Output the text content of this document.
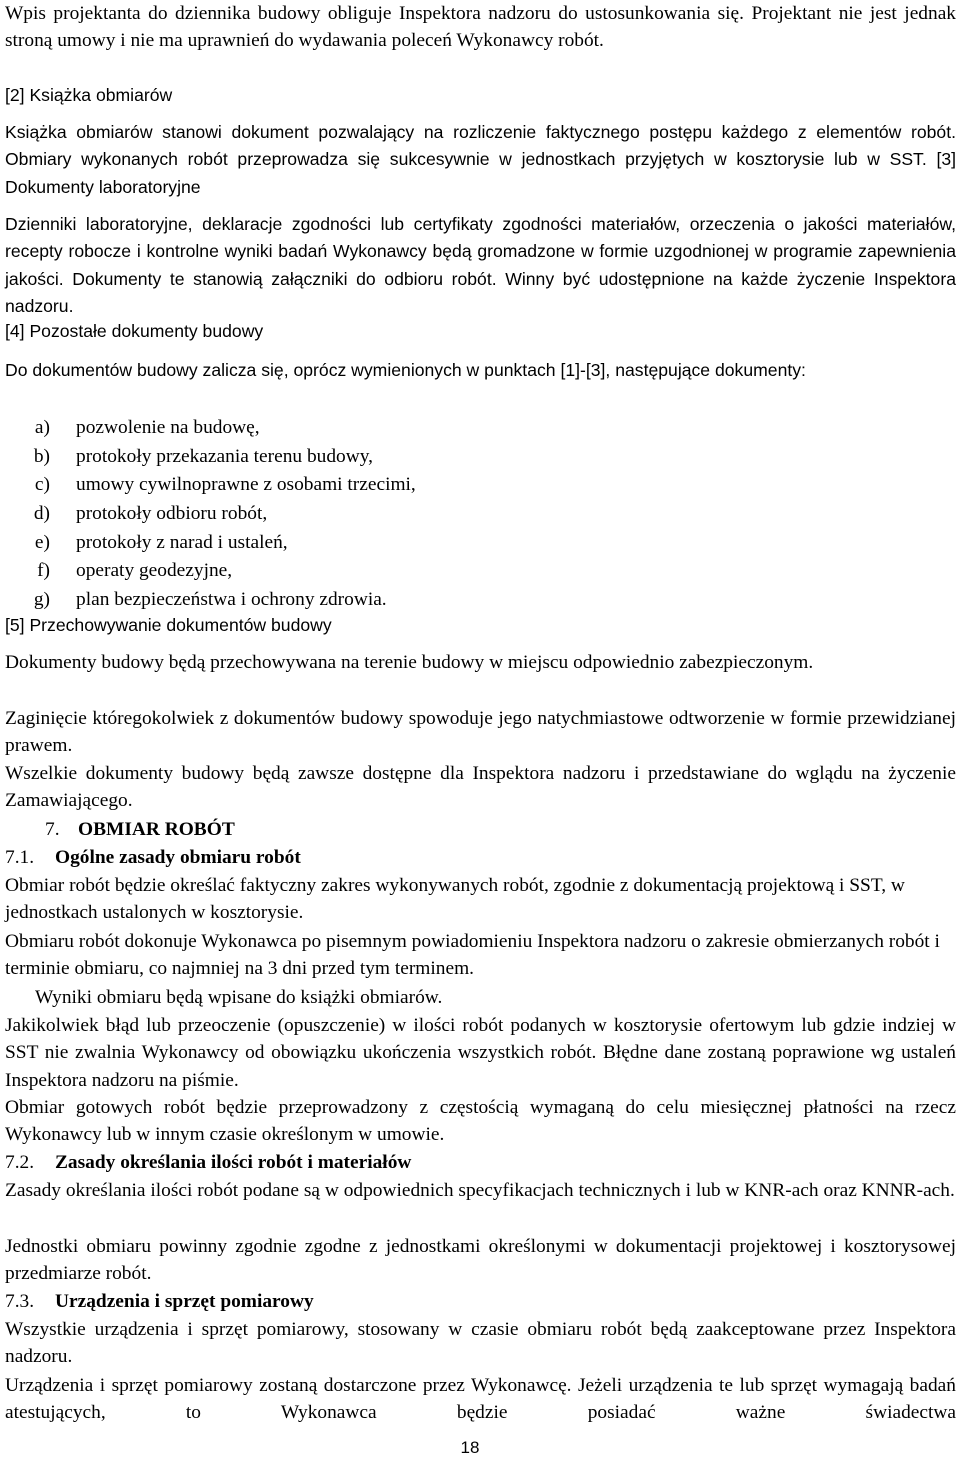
Wpis projektanta do dziennika budowy obliguje Inspektora nadzoru do ustosunkowania się. Projektant nie jest jednak stroną umowy i nie ma uprawnień do wydawania poleceń Wykonawcy robót.

[2] Książka obmiarów

Książka obmiarów stanowi dokument pozwalający na rozliczenie faktycznego postępu każdego z elementów robót. Obmiary wykonanych robót przeprowadza się sukcesywnie w jednostkach przyjętych w kosztorysie lub w SST. [3] Dokumenty laboratoryjne

Dzienniki laboratoryjne, deklaracje zgodności lub certyfikaty zgodności materiałów, orzeczenia o jakości materiałów, recepty robocze i kontrolne wyniki badań Wykonawcy będą gromadzone w formie uzgodnionej w programie zapewnienia jakości. Dokumenty te stanowią załączniki do odbioru robót. Winny być udostępnione na każde życzenie Inspektora nadzoru.

[4] Pozostałe dokumenty budowy

Do dokumentów budowy zalicza się, oprócz wymienionych w punktach [1]-[3], następujące dokumenty:

a) pozwolenie na budowę,
b) protokoły przekazania terenu budowy,
c) umowy cywilnoprawne z osobami trzecimi,
d) protokoły odbioru robót,
e) protokoły z narad i ustaleń,
f) operaty geodezyjne,
g) plan bezpieczeństwa i ochrony zdrowia.

[5] Przechowywanie dokumentów budowy

Dokumenty budowy będą przechowywana na terenie budowy w miejscu odpowiednio zabezpieczonym.

Zaginięcie któregokolwiek z dokumentów budowy spowoduje jego natychmiastowe odtworzenie w formie przewidzianej prawem.

Wszelkie dokumenty budowy będą zawsze dostępne dla Inspektora nadzoru i przedstawiane do wglądu na życzenie Zamawiającego.

7. OBMIAR ROBÓT
7.1. Ogólne zasady obmiaru robót

Obmiar robót będzie określać faktyczny zakres wykonywanych robót, zgodnie z dokumentacją projektową i SST, w jednostkach ustalonych w kosztorysie.

Obmiaru robót dokonuje Wykonawca po pisemnym powiadomieniu Inspektora nadzoru o zakresie obmierzanych robót i terminie obmiaru, co najmniej na 3 dni przed tym terminem.

Wyniki obmiaru będą wpisane do książki obmiarów.

Jakikolwiek błąd lub przeoczenie (opuszczenie) w ilości robót podanych w kosztorysie ofertowym lub gdzie indziej w SST nie zwalnia Wykonawcy od obowiązku ukończenia wszystkich robót. Błędne dane zostaną poprawione wg ustaleń Inspektora nadzoru na piśmie.

Obmiar gotowych robót będzie przeprowadzony z częstością wymaganą do celu miesięcznej płatności na rzecz Wykonawcy lub w innym czasie określonym w umowie.

7.2. Zasady określania ilości robót i materiałów

Zasady określania ilości robót podane są w odpowiednich specyfikacjach technicznych i lub w KNR-ach oraz KNNR-ach.

Jednostki obmiaru powinny zgodnie zgodne z jednostkami określonymi w dokumentacji projektowej i kosztorysowej przedmiarze robót.

7.3. Urządzenia i sprzęt pomiarowy

Wszystkie urządzenia i sprzęt pomiarowy, stosowany w czasie obmiaru robót będą zaakceptowane przez Inspektora nadzoru.

Urządzenia i sprzęt pomiarowy zostaną dostarczone przez Wykonawcę. Jeżeli urządzenia te lub sprzęt wymagają badań atestujących, to Wykonawca będzie posiadać ważne świadectwa

18
